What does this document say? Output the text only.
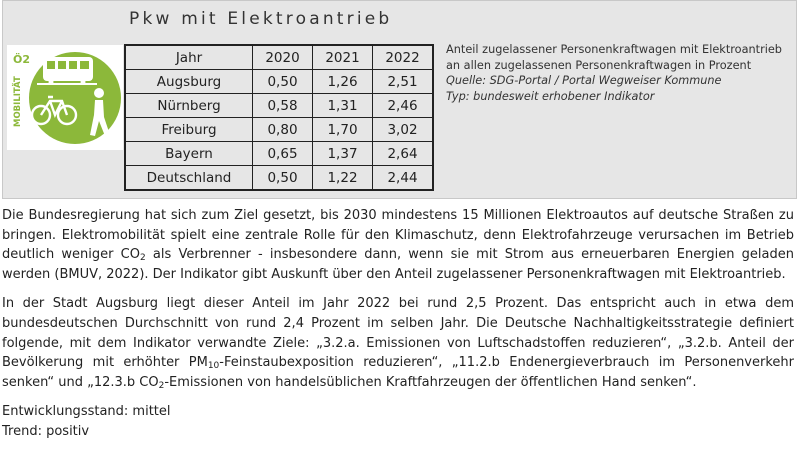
Pkw mit Elektroantrieb
MOBILITÄT
Ö2	Jahr	2020	2021	2022
Augsburg	0,50	1,26	2,51
Nürnberg	0,58	1,31	2,46
Freiburg	0,80	1,70	3,02
Bayern	0,65	1,37	2,64
Deutschland	0,50	1,22	2,44
Anteil zugelassener Personenkraftwagen mit Elektroantrieb
an allen zugelassenen Personenkraftwagen in Prozent
Quelle: SDG-Portal / Portal Wegweiser Kommune
Typ: bundesweit erhobener Indikator

Die Bundesregierung hat sich zum Ziel gesetzt, bis 2030 mindestens 15 Millionen Elektroautos auf deutsche Straßen zu bringen. Elektromobilität spielt eine zentrale Rolle für den Klimaschutz, denn Elektrofahrzeuge verursachen im Betrieb deutlich weniger $CO_2$ als Verbrenner - insbesondere dann, wenn sie mit Strom aus erneuerbaren Energien geladen werden (BMUV, 2022). Der Indikator gibt Auskunft über den Anteil zugelassener Personenkraftwagen mit Elektroantrieb.

In der Stadt Augsburg liegt dieser Anteil im Jahr 2022 bei rund 2,5 Prozent. Das entspricht auch in etwa dem bundesdeutschen Durchschnitt von rund 2,4 Prozent im selben Jahr. Die Deutsche Nachhaltigkeitsstrategie definiert folgende, mit dem Indikator verwandte Ziele: „3.2.a. Emissionen von Luftschadstoffen reduzieren“, „3.2.b. Anteil der Bevölkerung mit erhöhter $PM_{10}$-Feinstaubexposition reduzieren“, „11.2.b Endenergieverbrauch im Personenverkehr senken“ und „12.3.b $CO_2$-Emissionen von handelsüblichen Kraftfahrzeugen der öffentlichen Hand senken“.

Entwicklungsstand: mittel
Trend: positiv
